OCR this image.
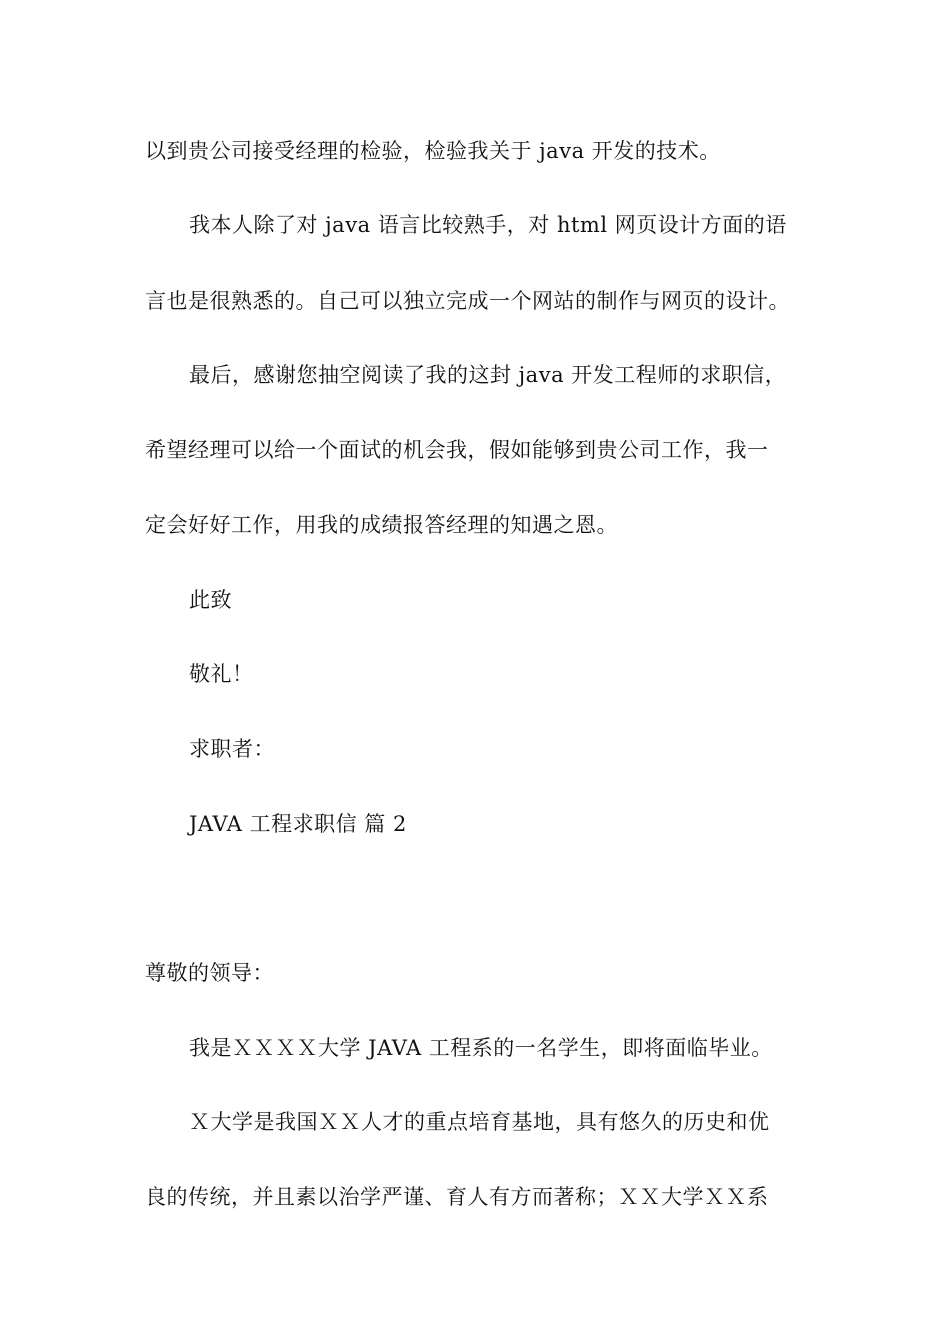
以到贵公司接受经理的检验，检验我关于 java 开发的技术。
我本人除了对 java 语言比较熟手，对 html 网页设计方面的语
言也是很熟悉的。自己可以独立完成一个网站的制作与网页的设计。
最后，感谢您抽空阅读了我的这封 java 开发工程师的求职信，
希望经理可以给一个面试的机会我，假如能够到贵公司工作，我一
定会好好工作，用我的成绩报答经理的知遇之恩。
此致
敬礼！
求职者：
JAVA 工程求职信 篇 2
尊敬的领导：
我是ＸＸＸＸ大学 JAVA 工程系的一名学生，即将面临毕业。
Ｘ大学是我国ＸＸ人才的重点培育基地，具有悠久的历史和优
良的传统，并且素以治学严谨、育人有方而著称；ＸＸ大学ＸＸ系
